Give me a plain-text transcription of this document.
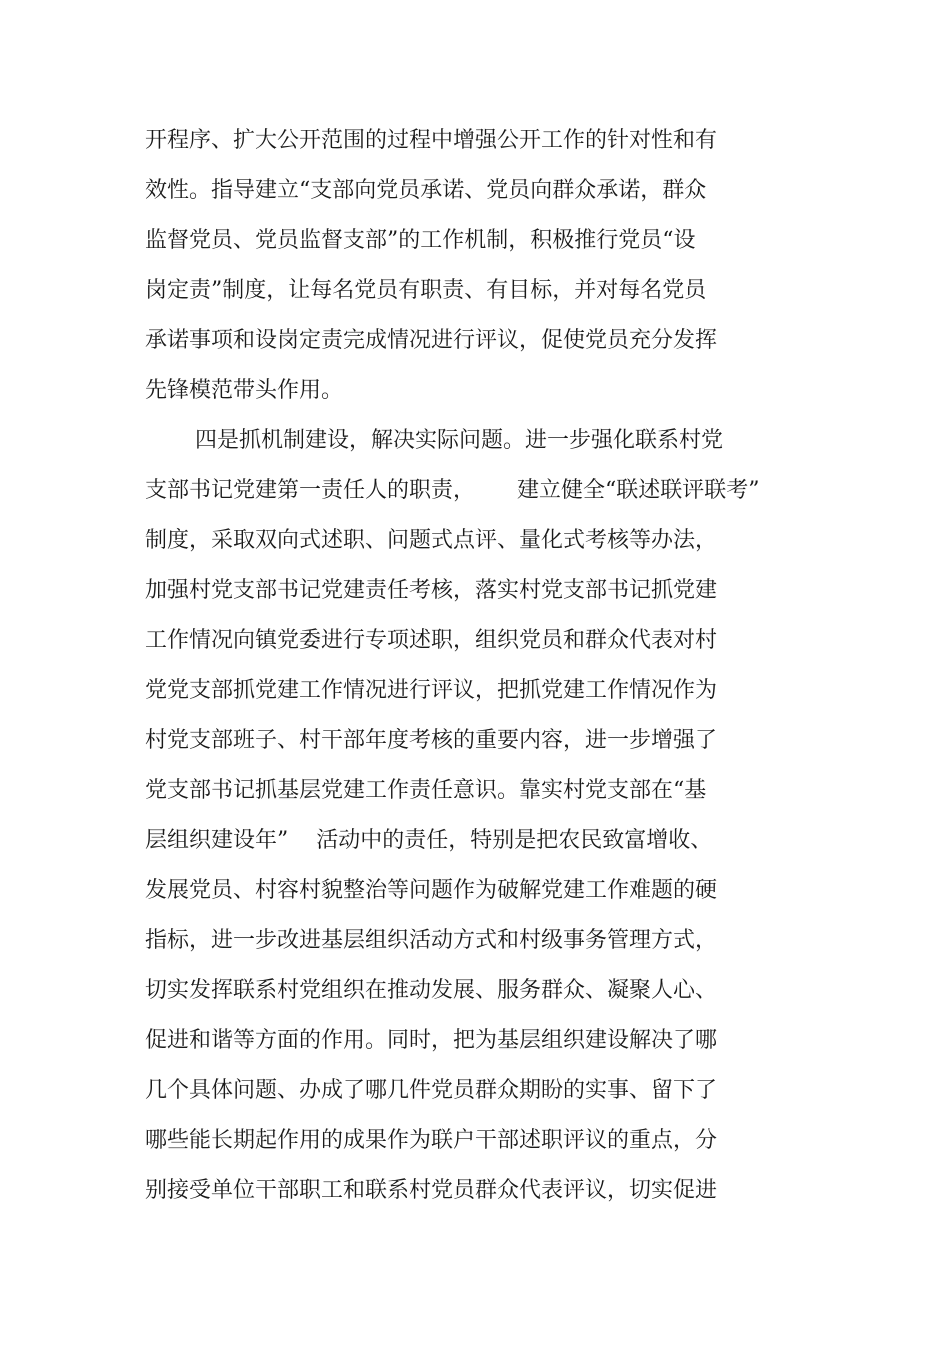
开程序、扩大公开范围的过程中增强公开工作的针对性和有
效性。指导建立“支部向党员承诺、党员向群众承诺，群众
监督党员、党员监督支部”的工作机制，积极推行党员“设
岗定责”制度，让每名党员有职责、有目标，并对每名党员
承诺事项和设岗定责完成情况进行评议，促使党员充分发挥
先锋模范带头作用。
四是抓机制建设，解决实际问题。进一步强化联系村党
支部书记党建第一责任人的职责，      建立健全“联述联评联考”
制度，采取双向式述职、问题式点评、量化式考核等办法，
加强村党支部书记党建责任考核，落实村党支部书记抓党建
工作情况向镇党委进行专项述职，组织党员和群众代表对村
党党支部抓党建工作情况进行评议，把抓党建工作情况作为
村党支部班子、村干部年度考核的重要内容，进一步增强了
党支部书记抓基层党建工作责任意识。靠实村党支部在“基
层组织建设年”    活动中的责任，特别是把农民致富增收、
发展党员、村容村貌整治等问题作为破解党建工作难题的硬
指标，进一步改进基层组织活动方式和村级事务管理方式，
切实发挥联系村党组织在推动发展、服务群众、凝聚人心、
促进和谐等方面的作用。同时，把为基层组织建设解决了哪
几个具体问题、办成了哪几件党员群众期盼的实事、留下了
哪些能长期起作用的成果作为联户干部述职评议的重点，分
别接受单位干部职工和联系村党员群众代表评议，切实促进
